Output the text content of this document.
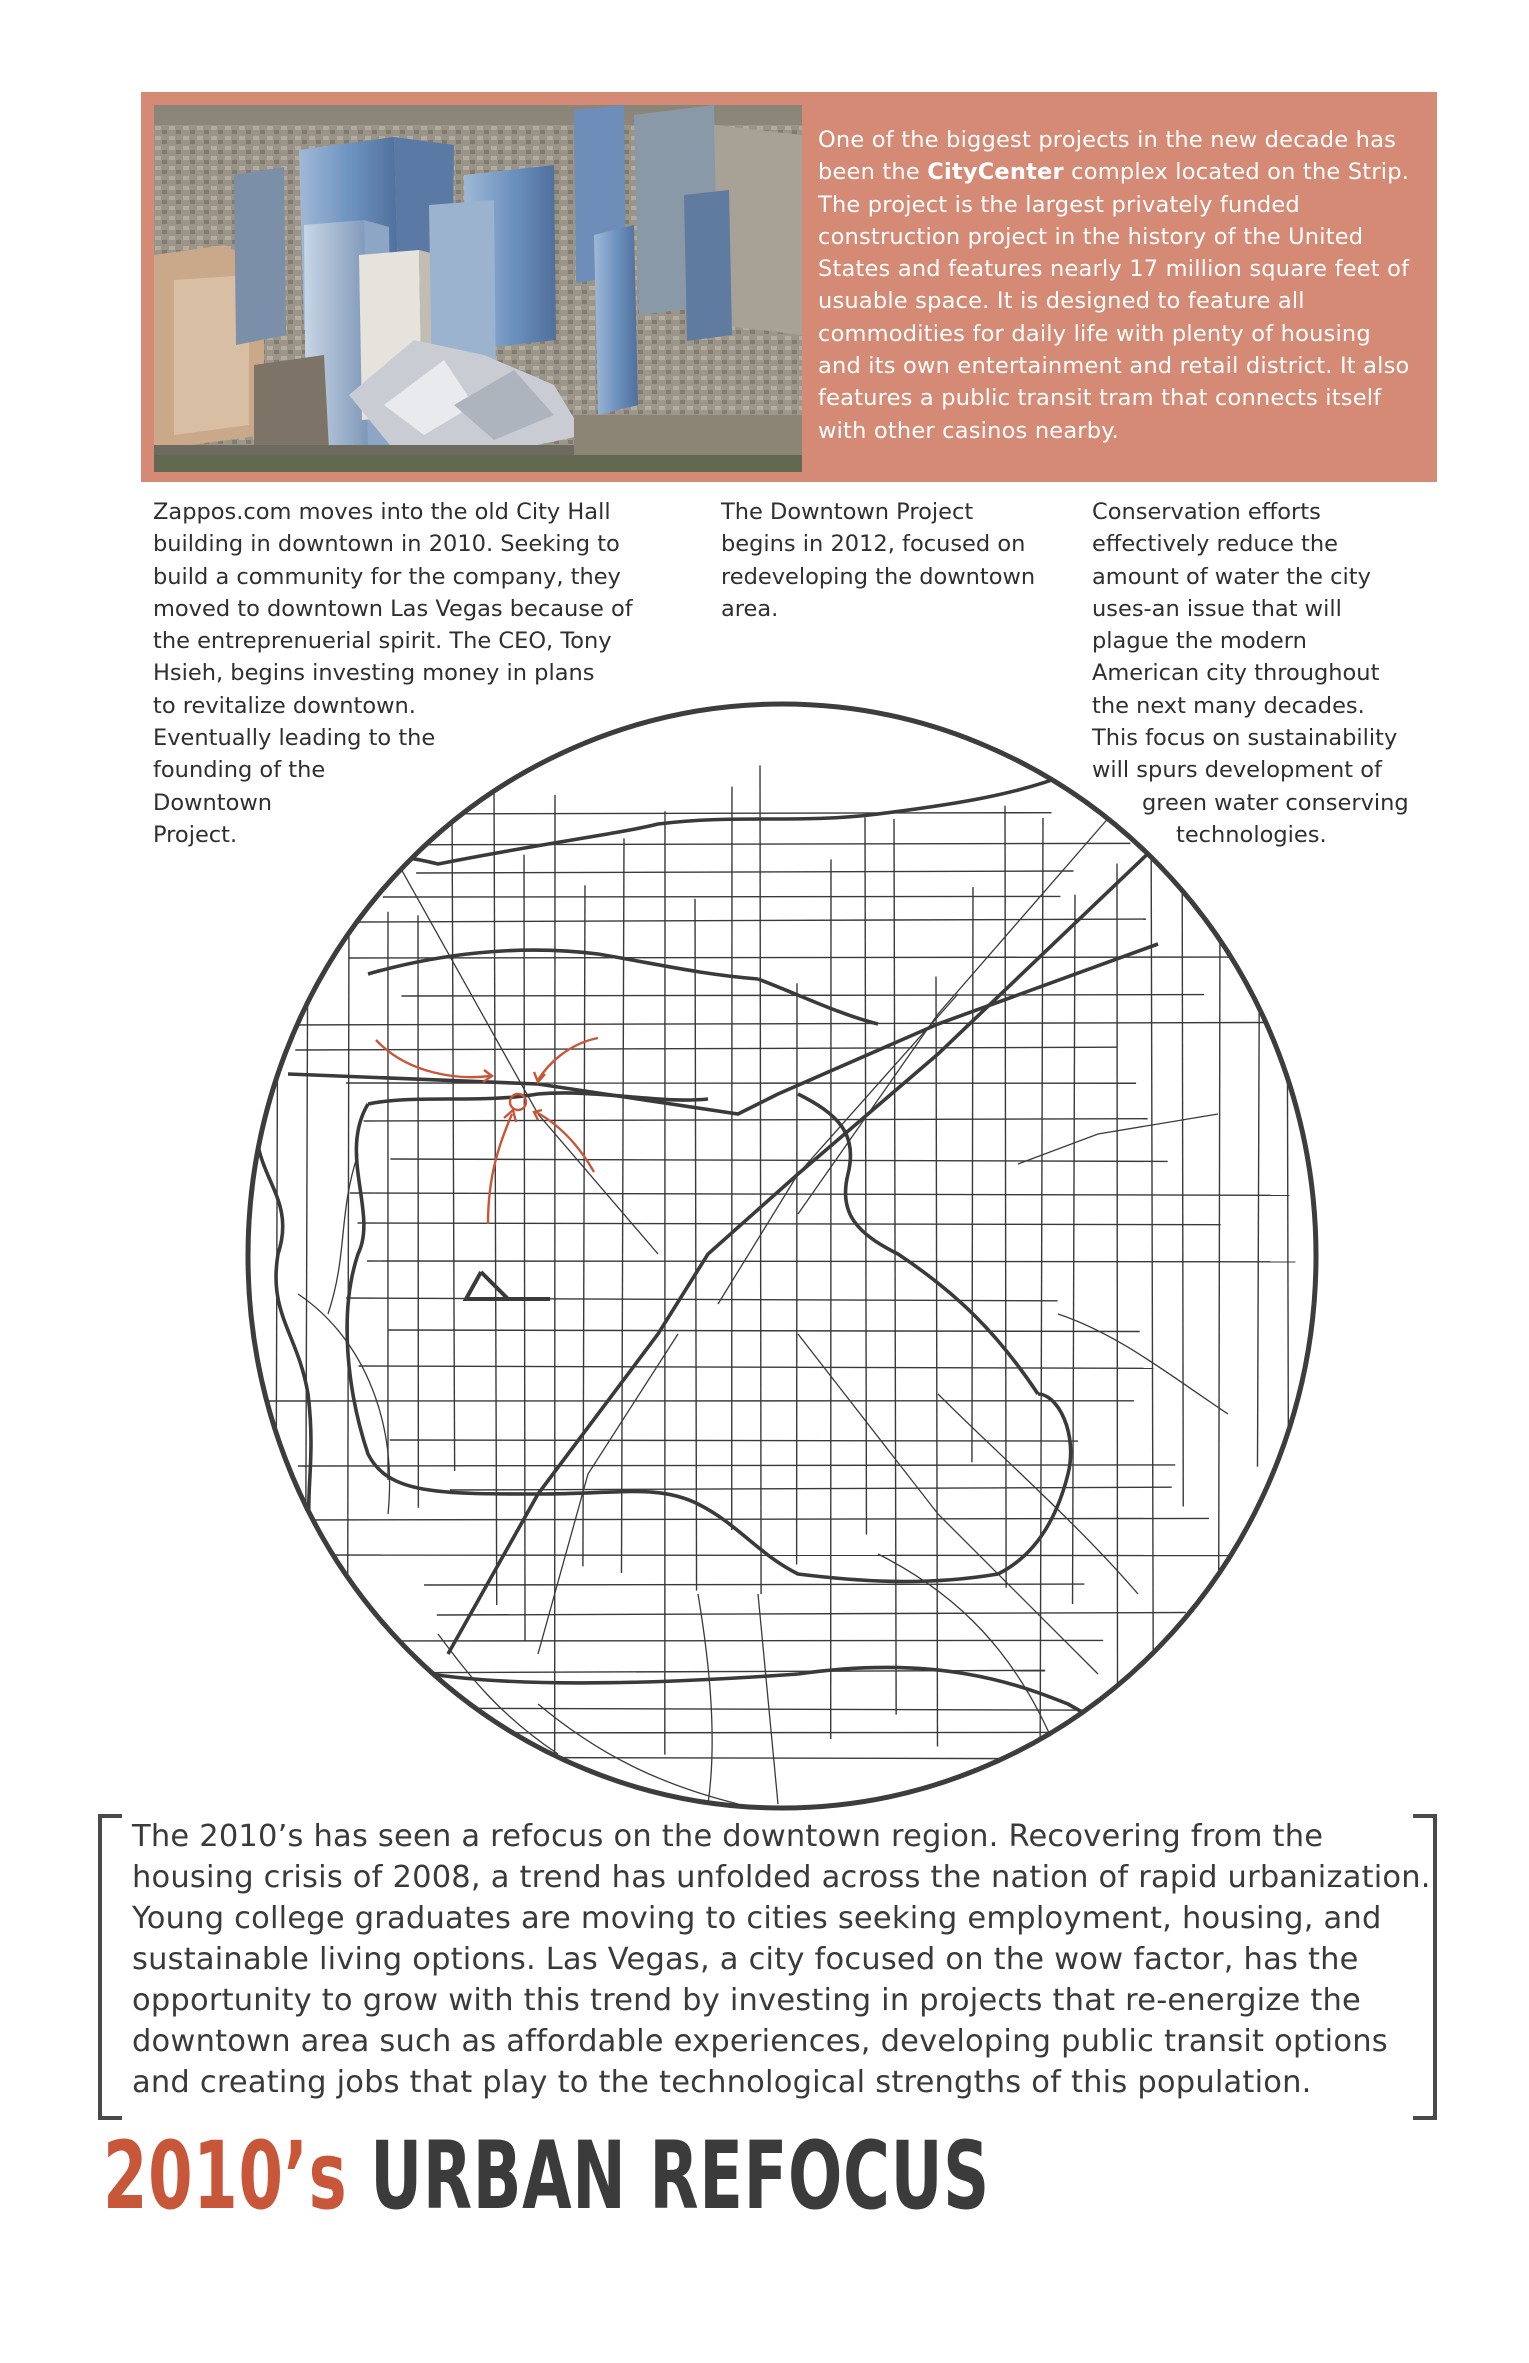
One of the biggest projects in the new decade has been the CityCenter complex located on the Strip. The project is the largest privately funded construction project in the history of the United States and features nearly 17 million square feet of usuable space. It is designed to feature all commodities for daily life with plenty of housing and its own entertainment and retail district. It also features a public transit tram that connects itself with other casinos nearby.

Zappos.com moves into the old City Hall

building in downtown in 2010. Seeking to

build a community for the company, they

moved to downtown Las Vegas because of

the entreprenuerial spirit. The CEO, Tony

Hsieh, begins investing money in plans

to revitalize downtown.

Eventually leading to the

founding of the

Downtown

Project.

The Downtown Project

begins in 2012, focused on

redeveloping the downtown

area.

Conservation efforts

effectively reduce the

amount of water the city

uses-an issue that will

plague the modern

American city throughout

the next many decades.

This focus on sustainability

will spurs development of

green water conserving

technologies.

The 2010’s has seen a refocus on the downtown region. Recovering from the

housing crisis of 2008, a trend has unfolded across the nation of rapid urbanization.

Young college graduates are moving to cities seeking employment, housing, and

sustainable living options. Las Vegas, a city focused on the wow factor, has the

opportunity to grow with this trend by investing in projects that re-energize the

downtown area such as affordable experiences, developing public transit options

and creating jobs that play to the technological strengths of this population.

2010’s URBAN REFOCUS
